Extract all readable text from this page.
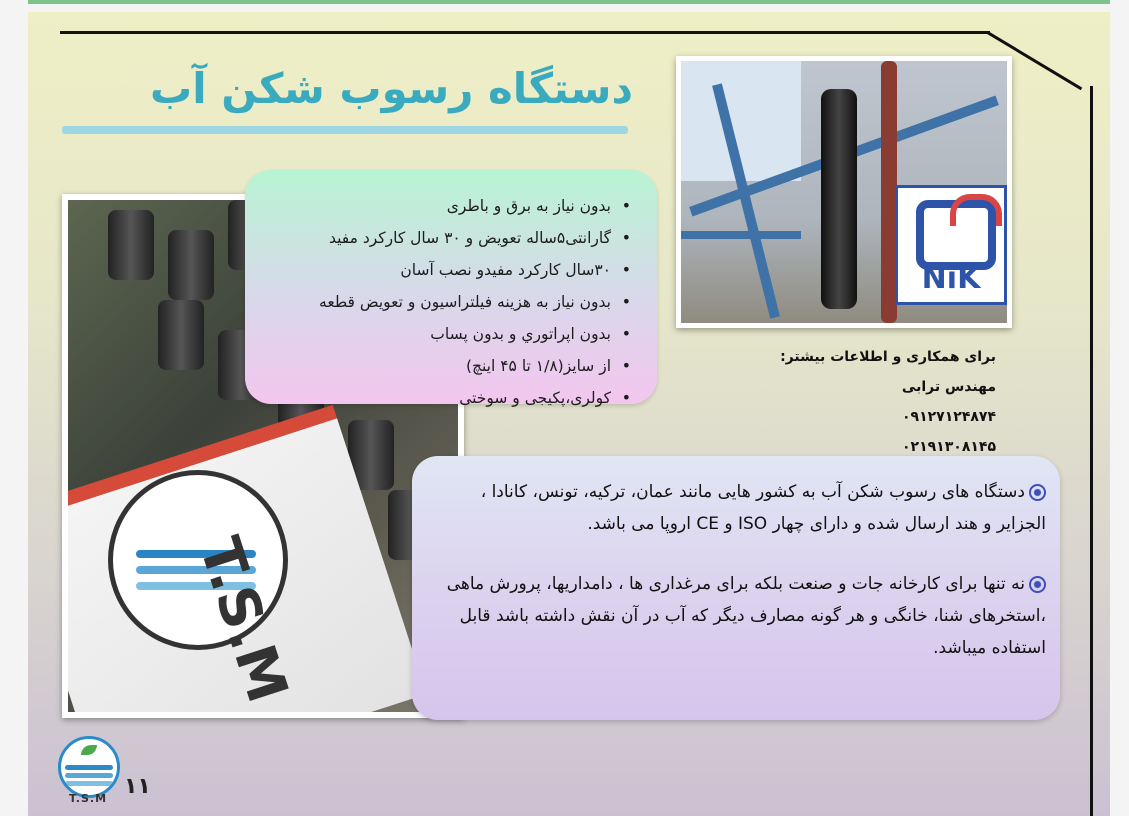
دستگاه رسوب شکن آب
T.S.M
NiK
• بدون نیاز به برق و باطری
• گارانتی۵ساله تعویض و ۳۰ سال کارکرد مفید
• ۳۰سال کارکرد مفیدو نصب آسان
• بدون نیاز به هزینه فیلتراسیون و تعویض قطعه
• بدون اپراتوري و بدون پساب
• از سایز(۱/۸ تا ۴۵ اینچ)
• کولری،پکیجی و سوختی
برای همکاری و اطلاعات بیشتر:
مهندس ترابی
۰۹۱۲۷۱۲۴۸۷۴
۰۲۱۹۱۳۰۸۱۴۵
دستگاه های رسوب شکن آب به کشور هایی مانند عمان، ترکیه، تونس، کانادا ، الجزایر و هند ارسال شده و دارای چهار ISO و CE اروپا می باشد.
نه تنها برای کارخانه جات و صنعت بلکه برای مرغداری ها ، دامداریها، پرورش ماهی ،استخرهای شنا، خانگی و هر گونه مصارف دیگر که آب در آن نقش داشته باشد قابل استفاده میباشد.
T.S.M ۱۱
